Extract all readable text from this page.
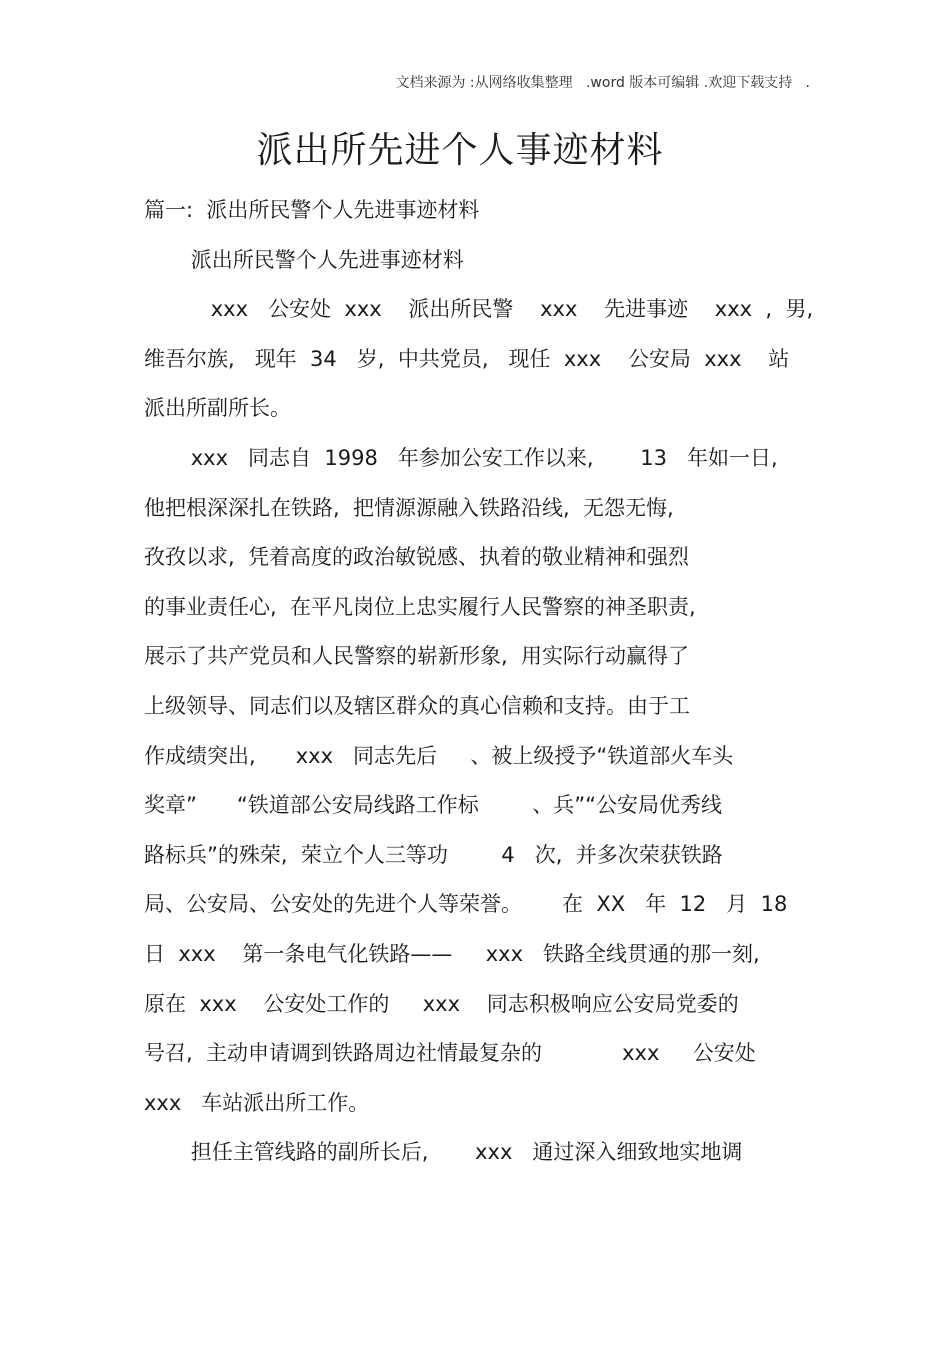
文档来源为 :从网络收集整理   .word 版本可编辑 .欢迎下载支持   .

派出所先进个人事迹材料

篇一:  派出所民警个人先进事迹材料

派出所民警个人先进事迹材料

xxx   公安处  xxx    派出所民警    xxx    先进事迹    xxx  ,  男,

维吾尔族,   现年  34   岁,  中共党员,   现任  xxx    公安局  xxx    站

派出所副所长。

xxx   同志自  1998   年参加公安工作以来,       13   年如一日,

他把根深深扎在铁路,  把情源源融入铁路沿线,  无怨无悔,

孜孜以求,  凭着高度的政治敏锐感、执着的敬业精神和强烈

的事业责任心,  在平凡岗位上忠实履行人民警察的神圣职责,

展示了共产党员和人民警察的崭新形象,  用实际行动赢得了

上级领导、同志们以及辖区群众的真心信赖和支持。由于工

作成绩突出,      xxx   同志先后     、被上级授予“铁道部火车头

奖章”      “铁道部公安局线路工作标        、兵”“公安局优秀线

路标兵”的殊荣,  荣立个人三等功        4   次,  并多次荣获铁路

局、公安局、公安处的先进个人等荣誉。      在  XX   年  12   月  18

日  xxx    第一条电气化铁路——     xxx   铁路全线贯通的那一刻,

原在  xxx    公安处工作的     xxx    同志积极响应公安局党委的

号召,  主动申请调到铁路周边社情最复杂的            xxx     公安处

xxx   车站派出所工作。

担任主管线路的副所长后,       xxx   通过深入细致地实地调
